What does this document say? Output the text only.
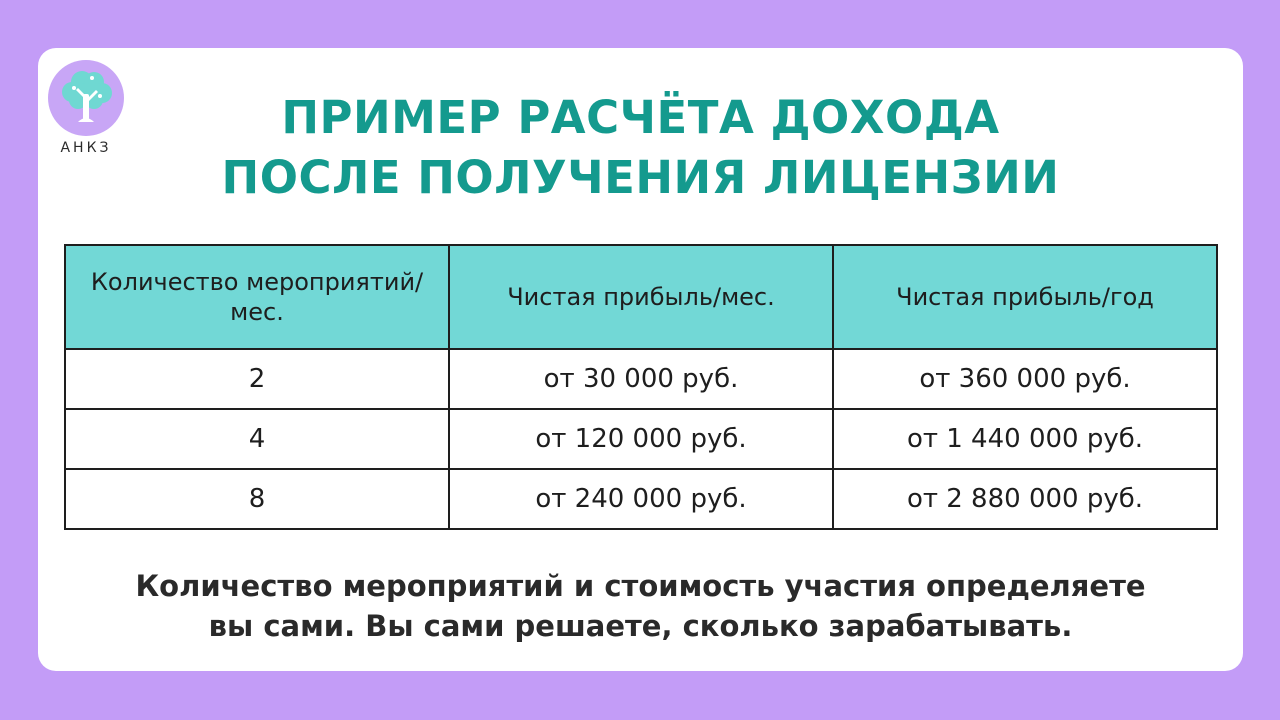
АНКЗ
ПРИМЕР РАСЧЁТА ДОХОДА
ПОСЛЕ ПОЛУЧЕНИЯ ЛИЦЕНЗИИ
Количество мероприятий/мес.	Чистая прибыль/мес.	Чистая прибыль/год
2	от 30 000 руб.	от 360 000 руб.
4	от 120 000 руб.	от 1 440 000 руб.
8	от 240 000 руб.	от 2 880 000 руб.

Количество мероприятий и стоимость участия определяете
вы сами. Вы сами решаете, сколько зарабатывать.
